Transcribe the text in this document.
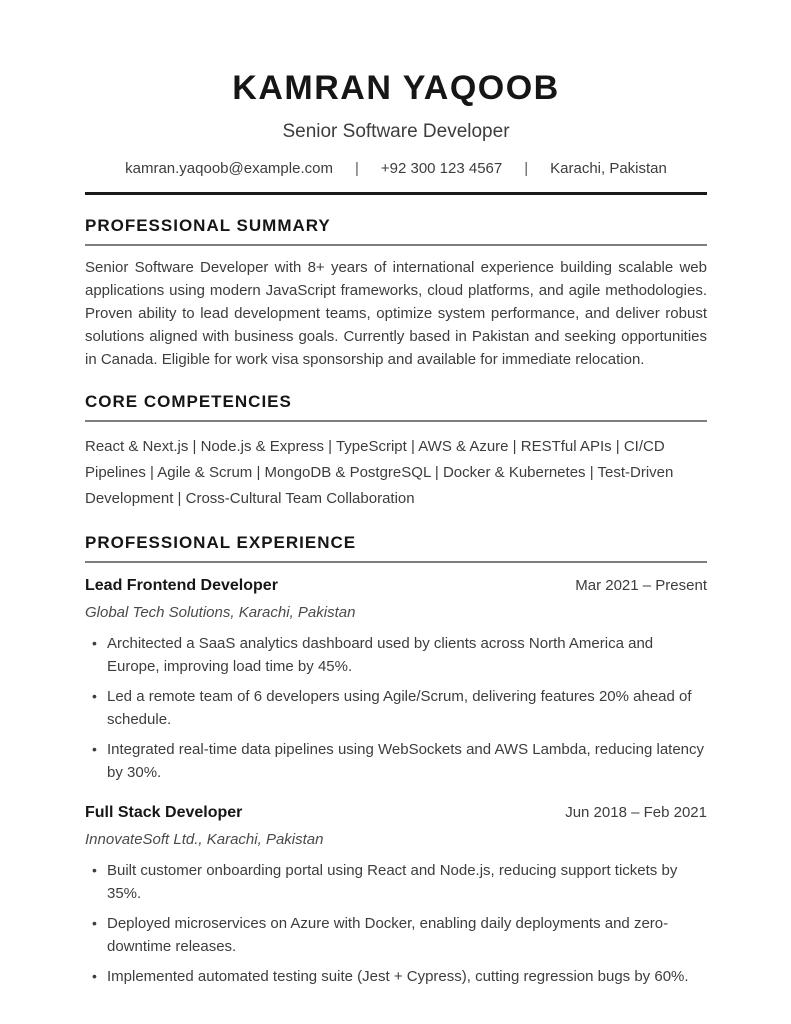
KAMRAN YAQOOB
Senior Software Developer
kamran.yaqoob@example.com | +92 300 123 4567 | Karachi, Pakistan
PROFESSIONAL SUMMARY

Senior Software Developer with 8+ years of international experience building scalable web applications using modern JavaScript frameworks, cloud platforms, and agile methodologies. Proven ability to lead development teams, optimize system performance, and deliver robust solutions aligned with business goals. Currently based in Pakistan and seeking opportunities in Canada. Eligible for work visa sponsorship and available for immediate relocation.

CORE COMPETENCIES

React & Next.js | Node.js & Express | TypeScript | AWS & Azure | RESTful APIs | CI/CD Pipelines | Agile & Scrum | MongoDB & PostgreSQL | Docker & Kubernetes | Test-Driven Development | Cross-Cultural Team Collaboration

PROFESSIONAL EXPERIENCE
Lead Frontend Developer	Mar 2021 – Present
Global Tech Solutions, Karachi, Pakistan
• Architected a SaaS analytics dashboard used by clients across North America and Europe, improving load time by 45%.
• Led a remote team of 6 developers using Agile/Scrum, delivering features 20% ahead of schedule.
• Integrated real-time data pipelines using WebSockets and AWS Lambda, reducing latency by 30%.
Full Stack Developer	Jun 2018 – Feb 2021
InnovateSoft Ltd., Karachi, Pakistan
• Built customer onboarding portal using React and Node.js, reducing support tickets by 35%.
• Deployed microservices on Azure with Docker, enabling daily deployments and zero-downtime releases.
• Implemented automated testing suite (Jest + Cypress), cutting regression bugs by 60%.
